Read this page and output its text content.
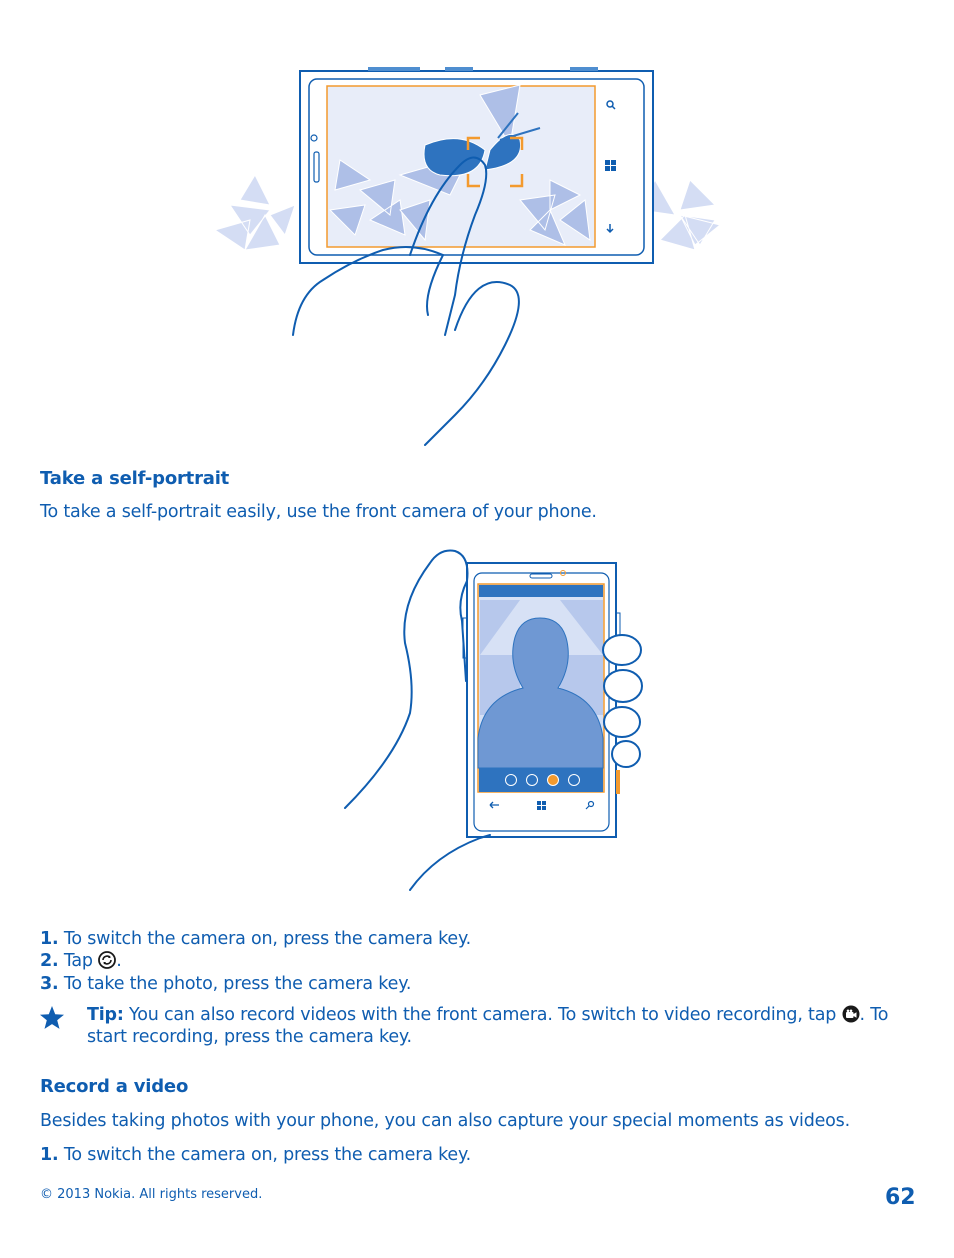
Take a self-portrait
To take a self-portrait easily, use the front camera of your phone.
1. To switch the camera on, press the camera key.
2. Tap .
3. To take the photo, press the camera key.
Tip: You can also record videos with the front camera. To switch to video recording, tap . To
start recording, press the camera key.
Record a video
Besides taking photos with your phone, you can also capture your special moments as videos.
1. To switch the camera on, press the camera key.
© 2013 Nokia. All rights reserved.	62
